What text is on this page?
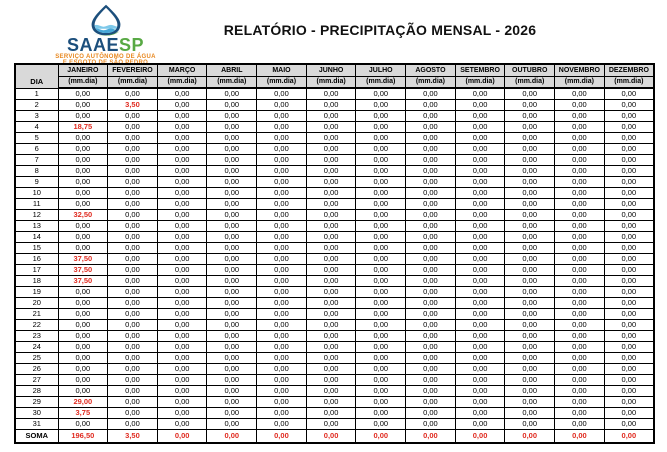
SAAESP
SERVIÇO AUTÔNOMO DE ÁGUA
RELATÓRIO - PRECIPITAÇÃO MENSAL - 2026
DIA	JANEIRO	FEVEREIRO	MARÇO	ABRIL	MAIO	JUNHO	JULHO	AGOSTO	SETEMBRO	OUTUBRO	NOVEMBRO	DEZEMBRO
	(mm.dia)	(mm.dia)	(mm.dia)	(mm.dia)	(mm.dia)	(mm.dia)	(mm.dia)	(mm.dia)	(mm.dia)	(mm.dia)	(mm.dia)	(mm.dia)
1	0,00	0,00	0,00	0,00	0,00	0,00	0,00	0,00	0,00	0,00	0,00	0,00
2	0,00	3,50	0,00	0,00	0,00	0,00	0,00	0,00	0,00	0,00	0,00	0,00
3	0,00	0,00	0,00	0,00	0,00	0,00	0,00	0,00	0,00	0,00	0,00	0,00
4	18,75	0,00	0,00	0,00	0,00	0,00	0,00	0,00	0,00	0,00	0,00	0,00
5	0,00	0,00	0,00	0,00	0,00	0,00	0,00	0,00	0,00	0,00	0,00	0,00
6	0,00	0,00	0,00	0,00	0,00	0,00	0,00	0,00	0,00	0,00	0,00	0,00
7	0,00	0,00	0,00	0,00	0,00	0,00	0,00	0,00	0,00	0,00	0,00	0,00
8	0,00	0,00	0,00	0,00	0,00	0,00	0,00	0,00	0,00	0,00	0,00	0,00
9	0,00	0,00	0,00	0,00	0,00	0,00	0,00	0,00	0,00	0,00	0,00	0,00
10	0,00	0,00	0,00	0,00	0,00	0,00	0,00	0,00	0,00	0,00	0,00	0,00
11	0,00	0,00	0,00	0,00	0,00	0,00	0,00	0,00	0,00	0,00	0,00	0,00
12	32,50	0,00	0,00	0,00	0,00	0,00	0,00	0,00	0,00	0,00	0,00	0,00
13	0,00	0,00	0,00	0,00	0,00	0,00	0,00	0,00	0,00	0,00	0,00	0,00
14	0,00	0,00	0,00	0,00	0,00	0,00	0,00	0,00	0,00	0,00	0,00	0,00
15	0,00	0,00	0,00	0,00	0,00	0,00	0,00	0,00	0,00	0,00	0,00	0,00
16	37,50	0,00	0,00	0,00	0,00	0,00	0,00	0,00	0,00	0,00	0,00	0,00
17	37,50	0,00	0,00	0,00	0,00	0,00	0,00	0,00	0,00	0,00	0,00	0,00
18	37,50	0,00	0,00	0,00	0,00	0,00	0,00	0,00	0,00	0,00	0,00	0,00
19	0,00	0,00	0,00	0,00	0,00	0,00	0,00	0,00	0,00	0,00	0,00	0,00
20	0,00	0,00	0,00	0,00	0,00	0,00	0,00	0,00	0,00	0,00	0,00	0,00
21	0,00	0,00	0,00	0,00	0,00	0,00	0,00	0,00	0,00	0,00	0,00	0,00
22	0,00	0,00	0,00	0,00	0,00	0,00	0,00	0,00	0,00	0,00	0,00	0,00
23	0,00	0,00	0,00	0,00	0,00	0,00	0,00	0,00	0,00	0,00	0,00	0,00
24	0,00	0,00	0,00	0,00	0,00	0,00	0,00	0,00	0,00	0,00	0,00	0,00
25	0,00	0,00	0,00	0,00	0,00	0,00	0,00	0,00	0,00	0,00	0,00	0,00
26	0,00	0,00	0,00	0,00	0,00	0,00	0,00	0,00	0,00	0,00	0,00	0,00
27	0,00	0,00	0,00	0,00	0,00	0,00	0,00	0,00	0,00	0,00	0,00	0,00
28	0,00	0,00	0,00	0,00	0,00	0,00	0,00	0,00	0,00	0,00	0,00	0,00
29	29,00	0,00	0,00	0,00	0,00	0,00	0,00	0,00	0,00	0,00	0,00	0,00
30	3,75	0,00	0,00	0,00	0,00	0,00	0,00	0,00	0,00	0,00	0,00	0,00
31	0,00	0,00	0,00	0,00	0,00	0,00	0,00	0,00	0,00	0,00	0,00	0,00
SOMA	196,50	3,50	0,00	0,00	0,00	0,00	0,00	0,00	0,00	0,00	0,00	0,00
